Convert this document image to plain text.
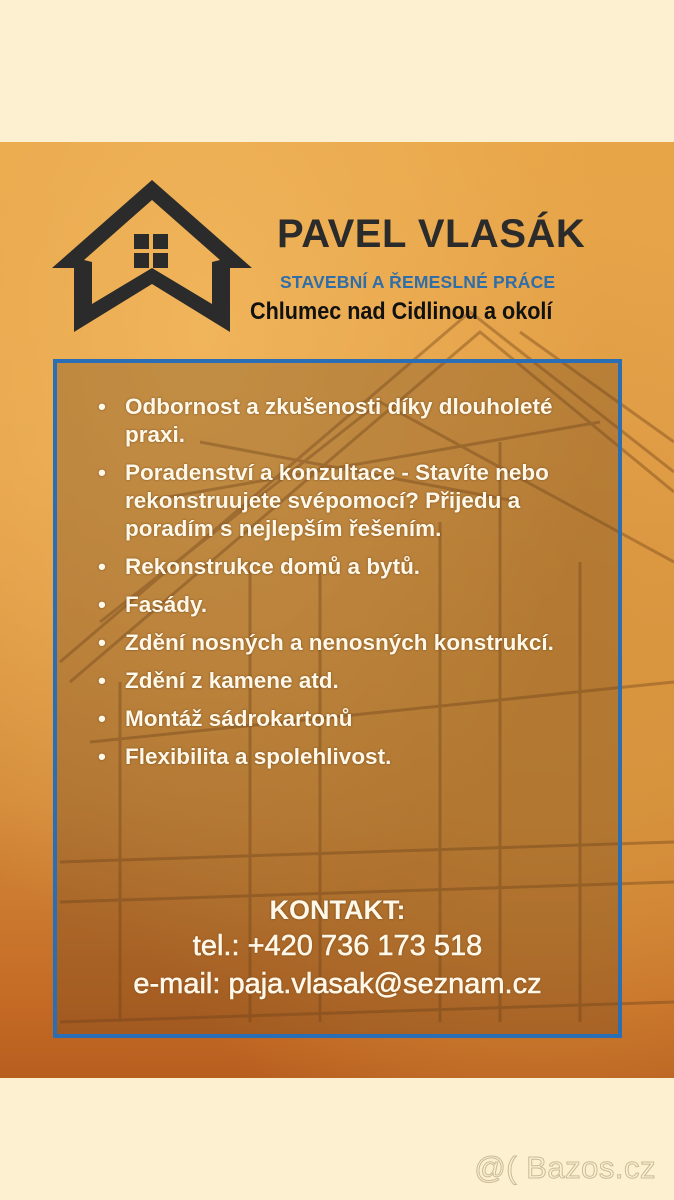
PAVEL VLASÁK
STAVEBNÍ A ŘEMESLNÉ PRÁCE
Chlumec nad Cidlinou a okolí
• Odbornost a zkušenosti díky dlouholeté praxi.
• Poradenství a konzultace - Stavíte nebo rekonstruujete svépomocí? Přijedu a poradím s nejlepším řešením.
• Rekonstrukce domů a bytů.
• Fasády.
• Zdění nosných a nenosných konstrukcí.
• Zdění z kamene atd.
• Montáž sádrokartonů
• Flexibilita a spolehlivost.
KONTAKT:
tel.: +420 736 173 518
e-mail: paja.vlasak@seznam.cz
@( Bazos.cz
